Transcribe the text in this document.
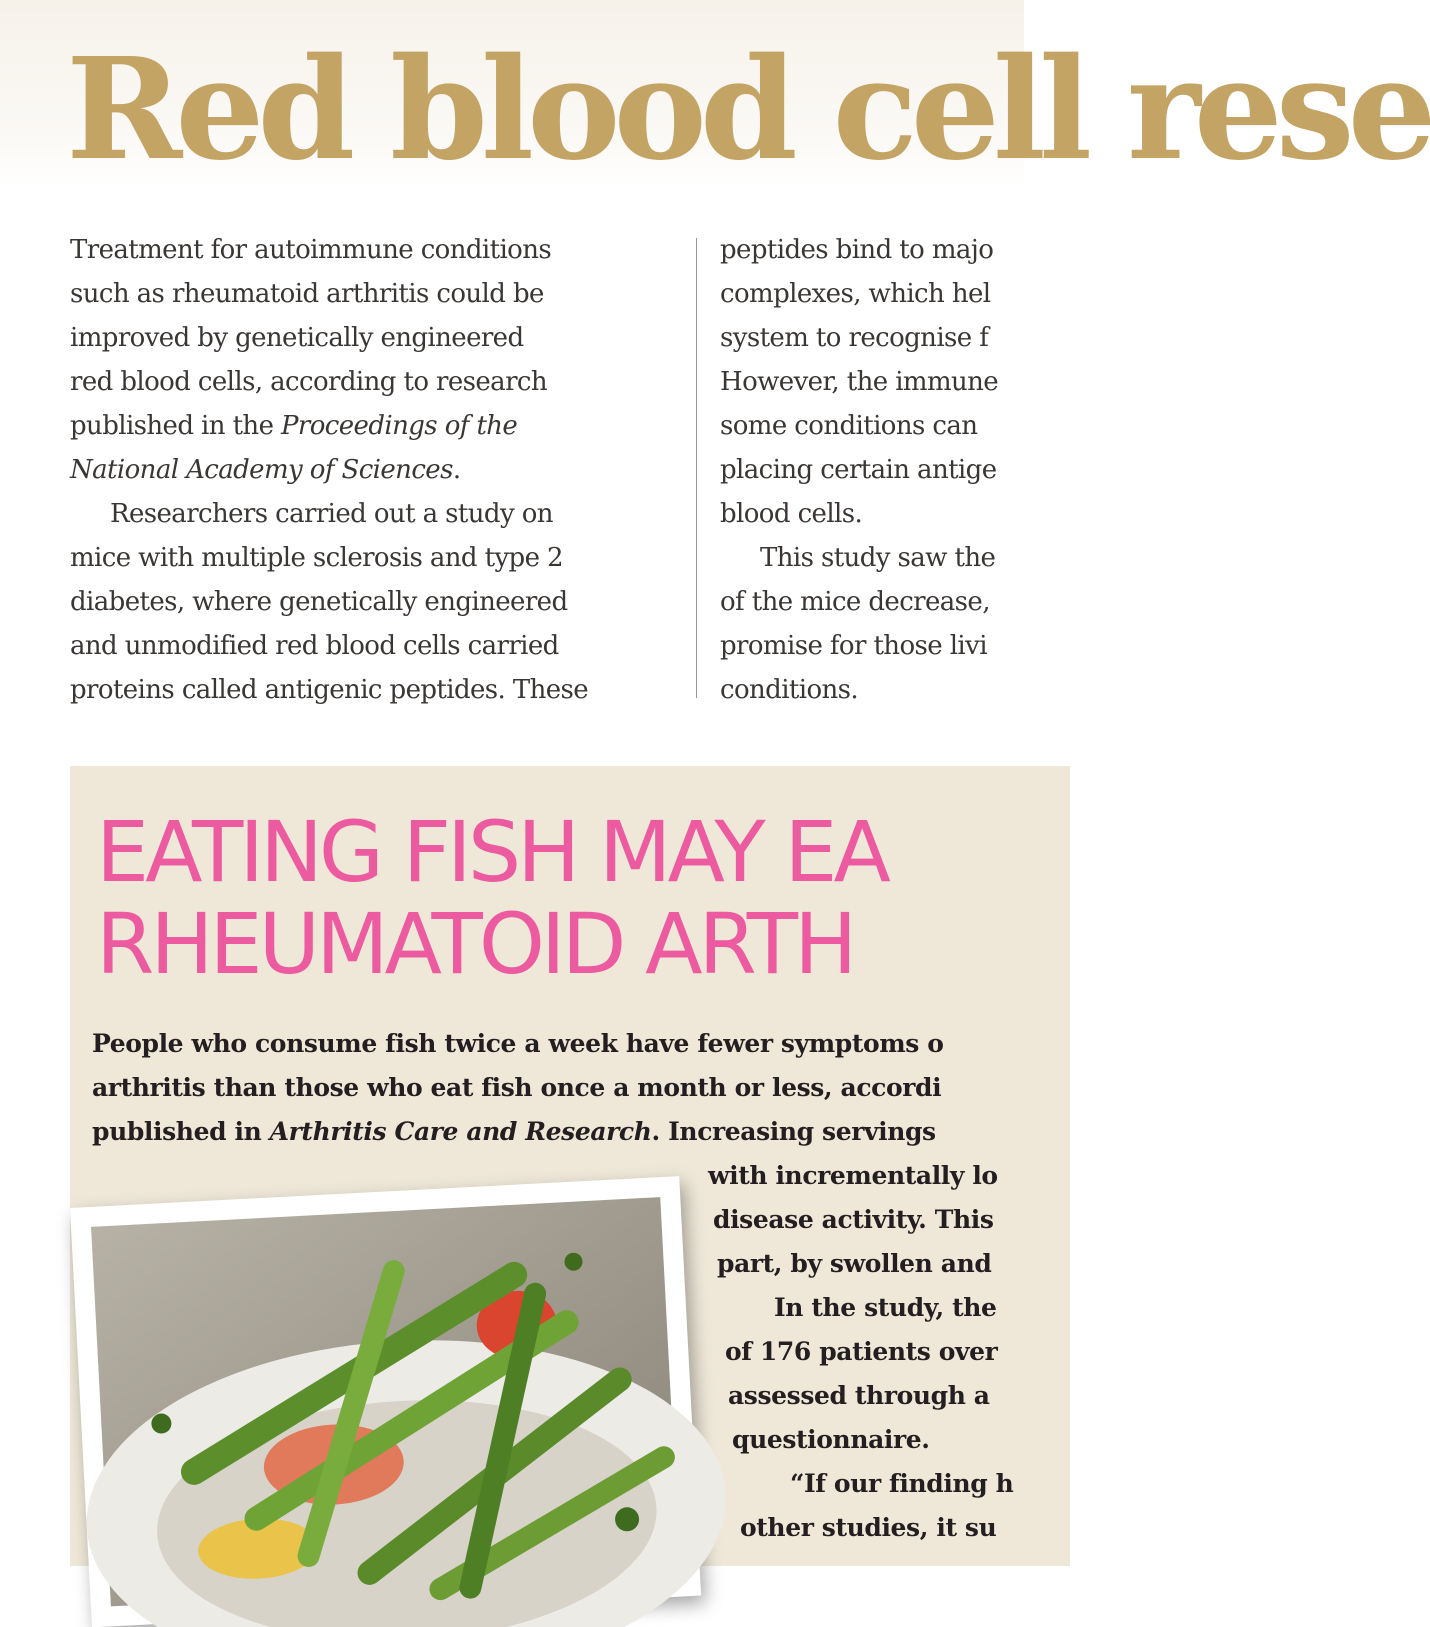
Red blood cell rese
Treatment for autoimmune conditions
such as rheumatoid arthritis could be
improved by genetically engineered
red blood cells, according to research
published in the Proceedings of the
National Academy of Sciences.
Researchers carried out a study on
mice with multiple sclerosis and type 2
diabetes, where genetically engineered
and unmodified red blood cells carried
proteins called antigenic peptides. These
peptides bind to majo
complexes, which hel
system to recognise f
However, the immune
some conditions can
placing certain antige
blood cells.
This study saw the
of the mice decrease,
promise for those livi
conditions.
EATING FISH MAY EA
RHEUMATOID ARTH
People who consume fish twice a week have fewer symptoms o
arthritis than those who eat fish once a month or less, accordi
published in Arthritis Care and Research. Increasing servings
with incrementally lo
disease activity. This
part, by swollen and
In the study, the
of 176 patients over
assessed through a
questionnaire.
“If our finding h
other studies, it su
